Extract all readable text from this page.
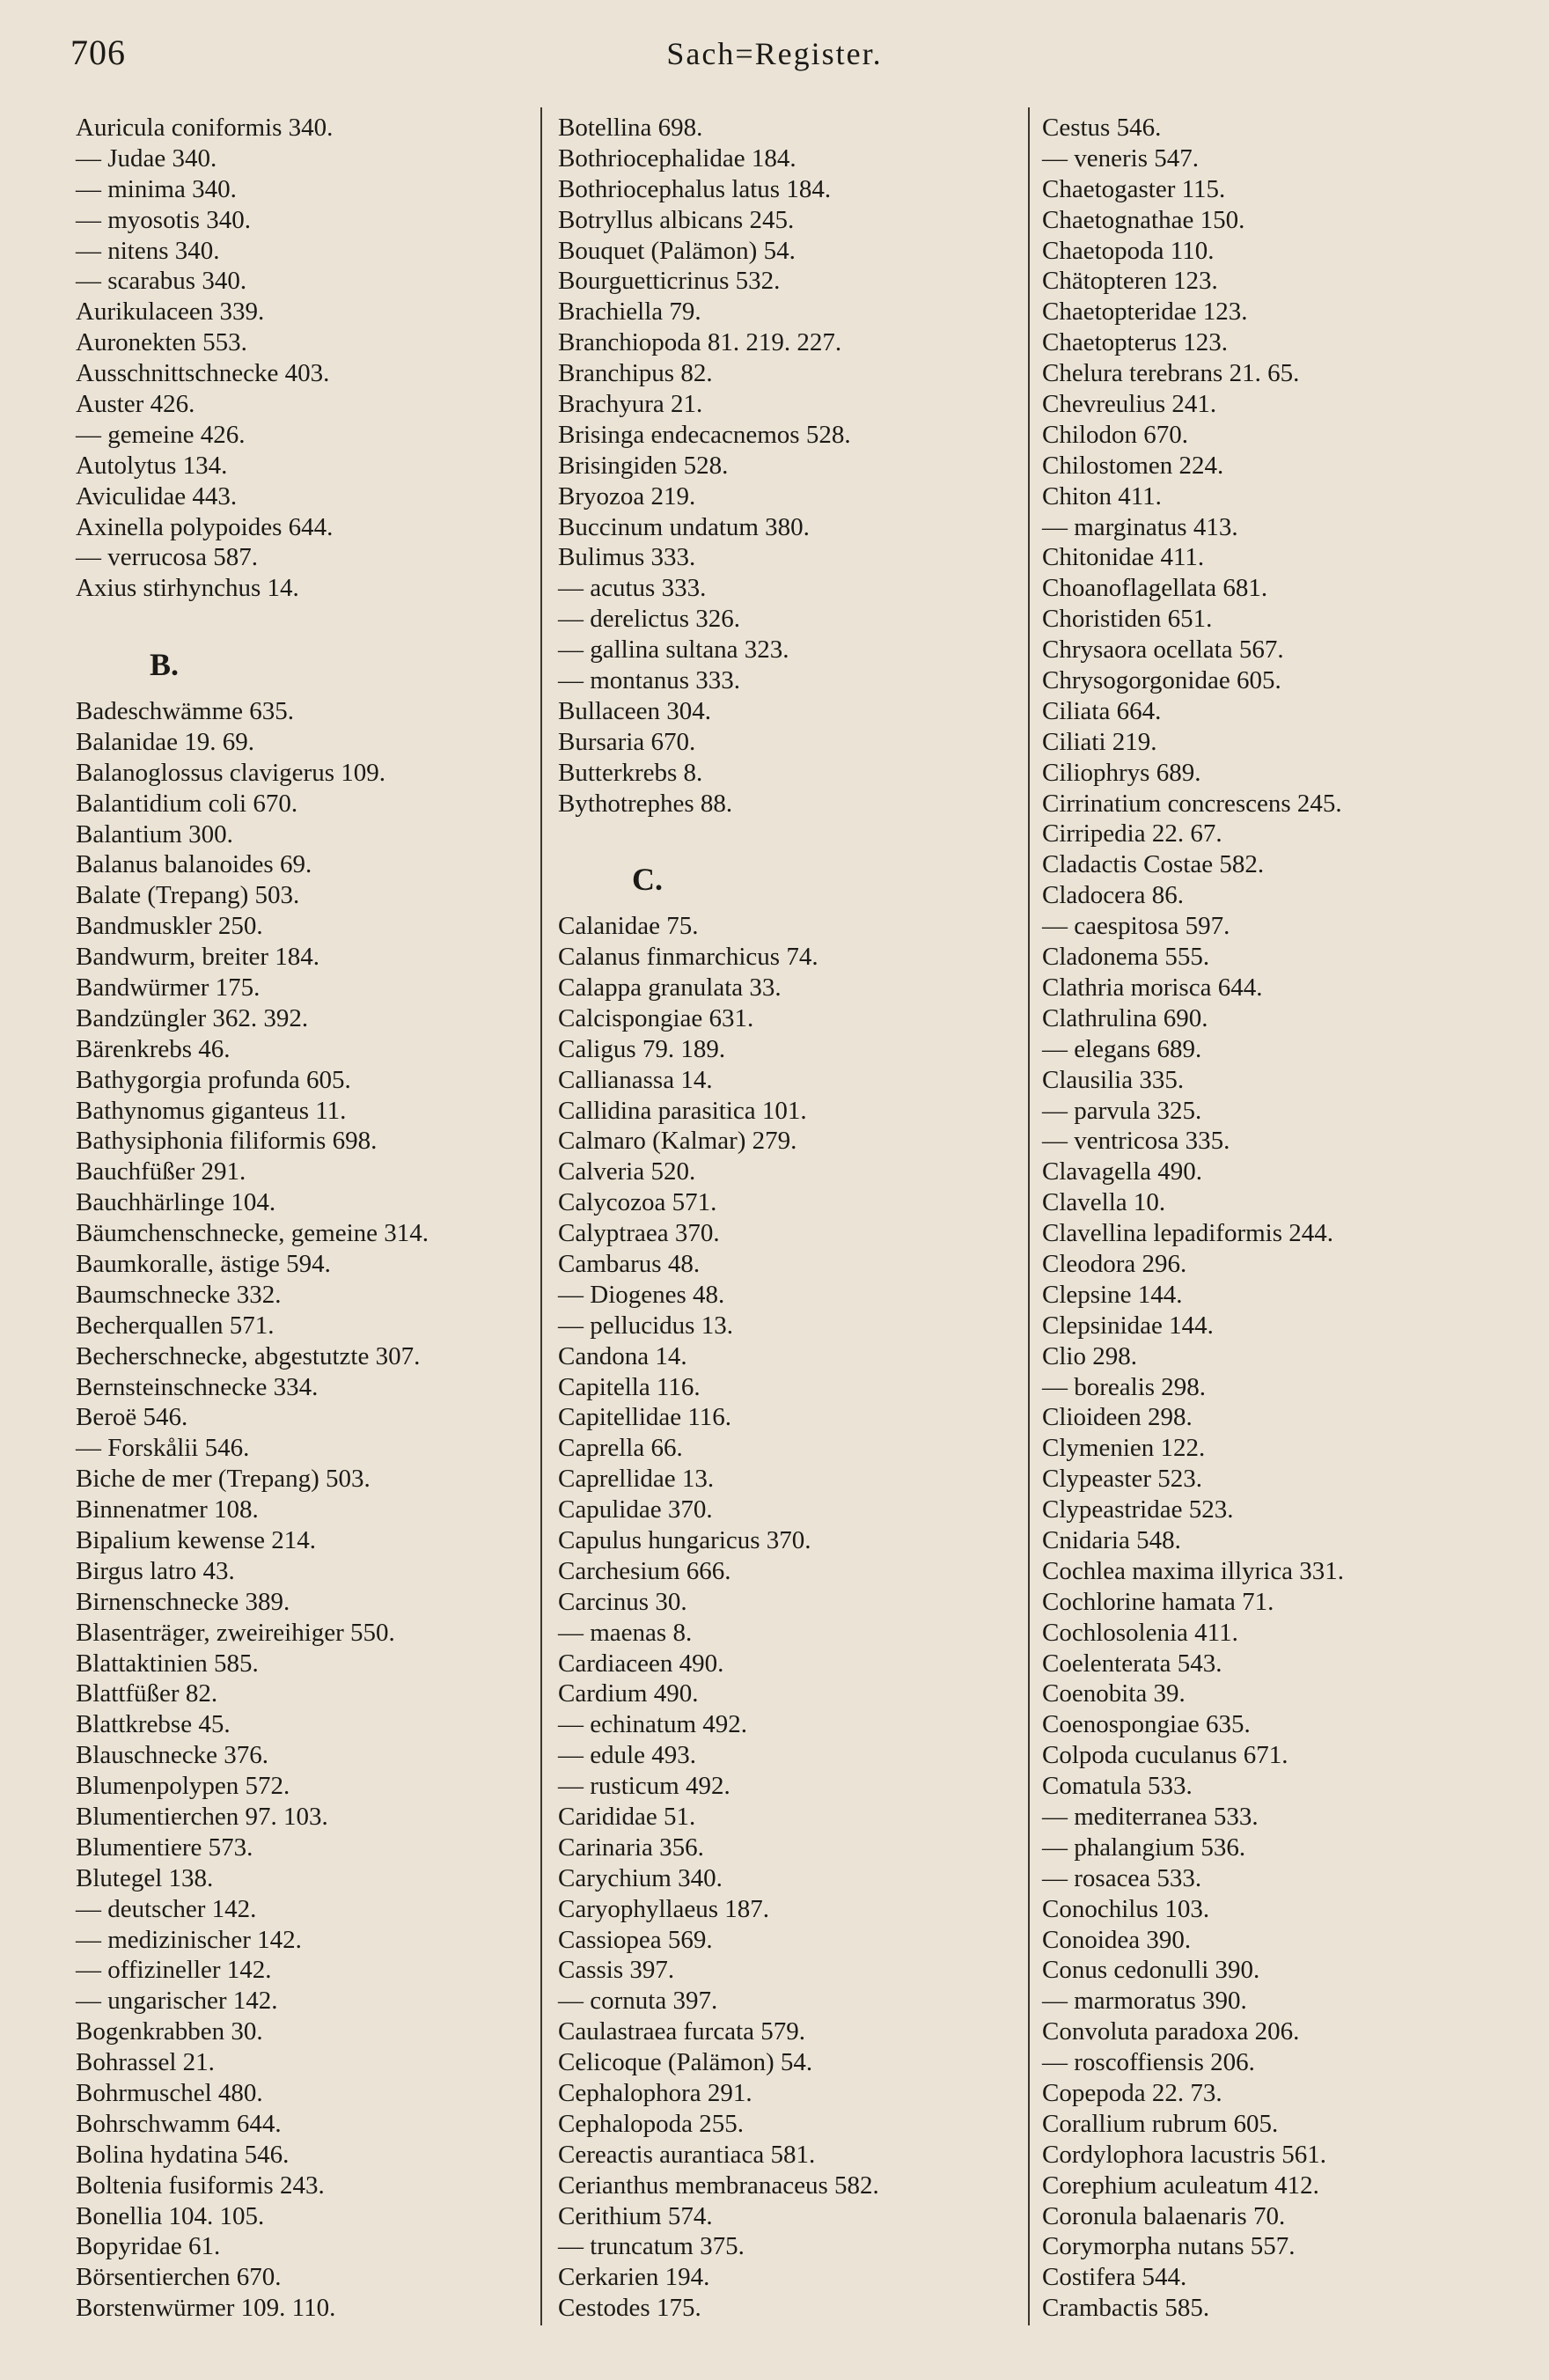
706	Sach=Register.
Auricula coniformis 340.
— Judae 340.
— minima 340.
— myosotis 340.
— nitens 340.
— scarabus 340.
Aurikulaceen 339.
Auronekten 553.
Ausschnittschnecke 403.
Auster 426.
— gemeine 426.
Autolytus 134.
Aviculidae 443.
Axinella polypoides 644.
— verrucosa 587.
Axius stirhynchus 14.
B.
Badeschwämme 635.
Balanidae 19. 69.
Balanoglossus clavigerus 109.
Balantidium coli 670.
Balantium 300.
Balanus balanoides 69.
Balate (Trepang) 503.
Bandmuskler 250.
Bandwurm, breiter 184.
Bandwürmer 175.
Bandzüngler 362. 392.
Bärenkrebs 46.
Bathygorgia profunda 605.
Bathynomus giganteus 11.
Bathysiphonia filiformis 698.
Bauchfüßer 291.
Bauchhärlinge 104.
Bäumchenschnecke, gemeine 314.
Baumkoralle, ästige 594.
Baumschnecke 332.
Becherquallen 571.
Becherschnecke, abgestutzte 307.
Bernsteinschnecke 334.
Beroë 546.
— Forskålii 546.
Biche de mer (Trepang) 503.
Binnenatmer 108.
Bipalium kewense 214.
Birgus latro 43.
Birnenschnecke 389.
Blasenträger, zweireihiger 550.
Blattaktinien 585.
Blattfüßer 82.
Blattkrebse 45.
Blauschnecke 376.
Blumenpolypen 572.
Blumentierchen 97. 103.
Blumentiere 573.
Blutegel 138.
— deutscher 142.
— medizinischer 142.
— offizineller 142.
— ungarischer 142.
Bogenkrabben 30.
Bohrassel 21.
Bohrmuschel 480.
Bohrschwamm 644.
Bolina hydatina 546.
Boltenia fusiformis 243.
Bonellia 104. 105.
Bopyridae 61.
Börsentierchen 670.
Borstenwürmer 109. 110.
Botellina 698.
Bothriocephalidae 184.
Bothriocephalus latus 184.
Botryllus albicans 245.
Bouquet (Palämon) 54.
Bourguetticrinus 532.
Brachiella 79.
Branchiopoda 81. 219. 227.
Branchipus 82.
Brachyura 21.
Brisinga endecacnemos 528.
Brisingiden 528.
Bryozoa 219.
Buccinum undatum 380.
Bulimus 333.
— acutus 333.
— derelictus 326.
— gallina sultana 323.
— montanus 333.
Bullaceen 304.
Bursaria 670.
Butterkrebs 8.
Bythotrephes 88.
C.
Calanidae 75.
Calanus finmarchicus 74.
Calappa granulata 33.
Calcispongiae 631.
Caligus 79. 189.
Callianassa 14.
Callidina parasitica 101.
Calmaro (Kalmar) 279.
Calveria 520.
Calycozoa 571.
Calyptraea 370.
Cambarus 48.
— Diogenes 48.
— pellucidus 13.
Candona 14.
Capitella 116.
Capitellidae 116.
Caprella 66.
Caprellidae 13.
Capulidae 370.
Capulus hungaricus 370.
Carchesium 666.
Carcinus 30.
— maenas 8.
Cardiaceen 490.
Cardium 490.
— echinatum 492.
— edule 493.
— rusticum 492.
Carididae 51.
Carinaria 356.
Carychium 340.
Caryophyllaeus 187.
Cassiopea 569.
Cassis 397.
— cornuta 397.
Caulastraea furcata 579.
Celicoque (Palämon) 54.
Cephalophora 291.
Cephalopoda 255.
Cereactis aurantiaca 581.
Cerianthus membranaceus 582.
Cerithium 574.
— truncatum 375.
Cerkarien 194.
Cestodes 175.
Cestus 546.
— veneris 547.
Chaetogaster 115.
Chaetognathae 150.
Chaetopoda 110.
Chätopteren 123.
Chaetopteridae 123.
Chaetopterus 123.
Chelura terebrans 21. 65.
Chevreulius 241.
Chilodon 670.
Chilostomen 224.
Chiton 411.
— marginatus 413.
Chitonidae 411.
Choanoflagellata 681.
Choristiden 651.
Chrysaora ocellata 567.
Chrysogorgonidae 605.
Ciliata 664.
Ciliati 219.
Ciliophrys 689.
Cirrinatium concrescens 245.
Cirripedia 22. 67.
Cladactis Costae 582.
Cladocera 86.
— caespitosa 597.
Cladonema 555.
Clathria morisca 644.
Clathrulina 690.
— elegans 689.
Clausilia 335.
— parvula 325.
— ventricosa 335.
Clavagella 490.
Clavella 10.
Clavellina lepadiformis 244.
Cleodora 296.
Clepsine 144.
Clepsinidae 144.
Clio 298.
— borealis 298.
Clioideen 298.
Clymenien 122.
Clypeaster 523.
Clypeastridae 523.
Cnidaria 548.
Cochlea maxima illyrica 331.
Cochlorine hamata 71.
Cochlosolenia 411.
Coelenterata 543.
Coenobita 39.
Coenospongiae 635.
Colpoda cuculanus 671.
Comatula 533.
— mediterranea 533.
— phalangium 536.
— rosacea 533.
Conochilus 103.
Conoidea 390.
Conus cedonulli 390.
— marmoratus 390.
Convoluta paradoxa 206.
— roscoffiensis 206.
Copepoda 22. 73.
Corallium rubrum 605.
Cordylophora lacustris 561.
Corephium aculeatum 412.
Coronula balaenaris 70.
Corymorpha nutans 557.
Costifera 544.
Crambactis 585.
